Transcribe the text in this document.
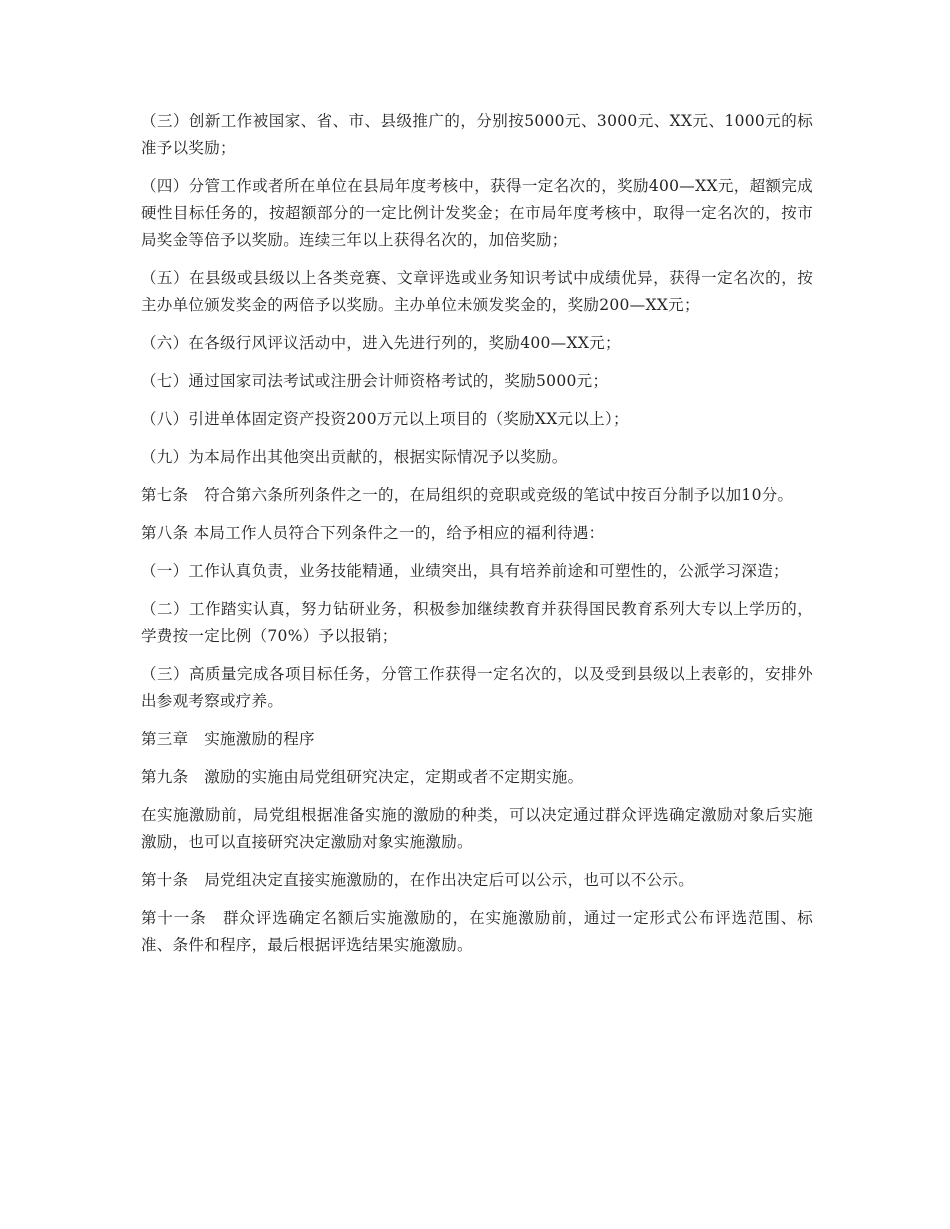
（三）创新工作被国家、省、市、县级推广的，分别按5000元、3000元、XX元、1000元的标准予以奖励；

（四）分管工作或者所在单位在县局年度考核中，获得一定名次的，奖励400—XX元，超额完成硬性目标任务的，按超额部分的一定比例计发奖金；在市局年度考核中，取得一定名次的，按市局奖金等倍予以奖励。连续三年以上获得名次的，加倍奖励；

（五）在县级或县级以上各类竞赛、文章评选或业务知识考试中成绩优异，获得一定名次的，按主办单位颁发奖金的两倍予以奖励。主办单位未颁发奖金的，奖励200—XX元；

（六）在各级行风评议活动中，进入先进行列的，奖励400—XX元；

（七）通过国家司法考试或注册会计师资格考试的，奖励5000元；

（八）引进单体固定资产投资200万元以上项目的（奖励XX元以上）；

（九）为本局作出其他突出贡献的，根据实际情况予以奖励。

第七条　符合第六条所列条件之一的，在局组织的竞职或竞级的笔试中按百分制予以加10分。

第八条 本局工作人员符合下列条件之一的，给予相应的福利待遇：

（一）工作认真负责，业务技能精通，业绩突出，具有培养前途和可塑性的，公派学习深造；

（二）工作踏实认真，努力钻研业务，积极参加继续教育并获得国民教育系列大专以上学历的，学费按一定比例（70%）予以报销；

（三）高质量完成各项目标任务，分管工作获得一定名次的，以及受到县级以上表彰的，安排外出参观考察或疗养。

第三章　实施激励的程序

第九条　激励的实施由局党组研究决定，定期或者不定期实施。

在实施激励前，局党组根据准备实施的激励的种类，可以决定通过群众评选确定激励对象后实施激励，也可以直接研究决定激励对象实施激励。

第十条　局党组决定直接实施激励的，在作出决定后可以公示，也可以不公示。

第十一条　群众评选确定名额后实施激励的，在实施激励前，通过一定形式公布评选范围、标准、条件和程序，最后根据评选结果实施激励。
